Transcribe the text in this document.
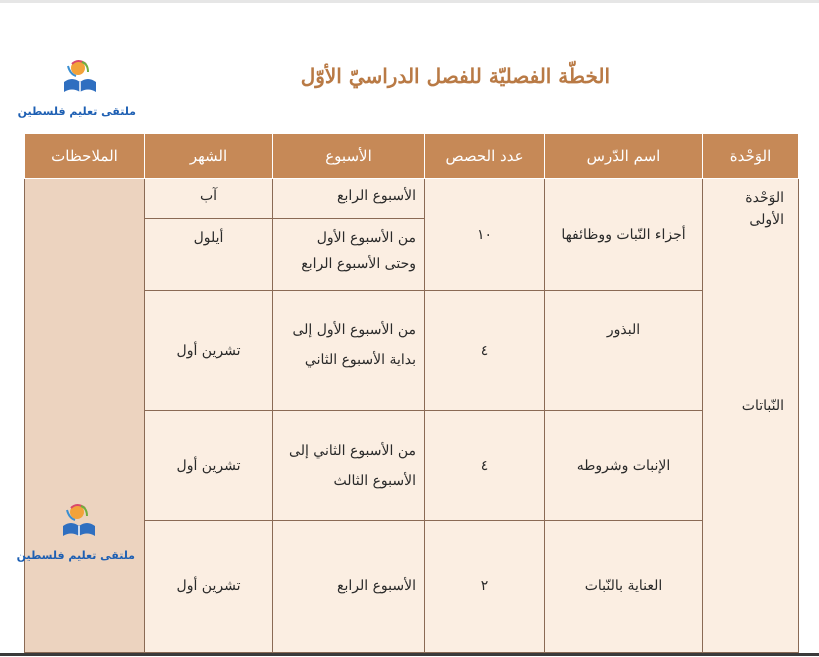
الخطّة الفصليّة للفصل الدراسيّ الأوّل
ملتقى تعليم فلسطين
الوَحْدة	اسم الدّرس	عدد الحصص	الأسبوع	الشهر	الملاحظات

الوَحْدة الأولى
النّباتات	أجزاء النّبات ووظائفها	١٠	الأسبوع الرابع	آب	
			من الأسبوع الأول وحتى الأسبوع الرابع	أيلول	
	البذور	٤	من الأسبوع الأول إلى بداية الأسبوع الثاني	تشرين أول	
	الإنبات وشروطه	٤	من الأسبوع الثاني إلى الأسبوع الثالث	تشرين أول	
	العناية بالنّبات	٢	الأسبوع الرابع	تشرين أول	
ملتقى تعليم فلسطين
